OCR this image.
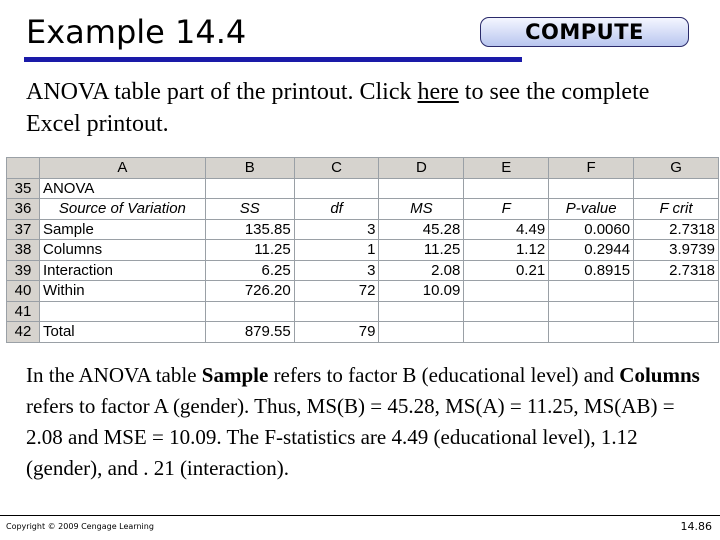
Example 14.4	COMPUTE
ANOVA table part of the printout. Click here to see the complete Excel printout.
	A	B	C	D	E	F	G
35	ANOVA						
36	Source of Variation	SS	df	MS	F	P-value	F crit
37	Sample	135.85	3	45.28	4.49	0.0060	2.7318
38	Columns	11.25	1	11.25	1.12	0.2944	3.9739
39	Interaction	6.25	3	2.08	0.21	0.8915	2.7318
40	Within	726.20	72	10.09			
41							
42	Total	879.55	79				
In the ANOVA table Sample refers to factor B (educational level) and Columns refers to factor A (gender). Thus, MS(B) = 45.28, MS(A) = 11.25, MS(AB) = 2.08 and MSE = 10.09. The F-statistics are 4.49 (educational level), 1.12 (gender), and . 21 (interaction).
Copyright © 2009 Cengage Learning	14.86
